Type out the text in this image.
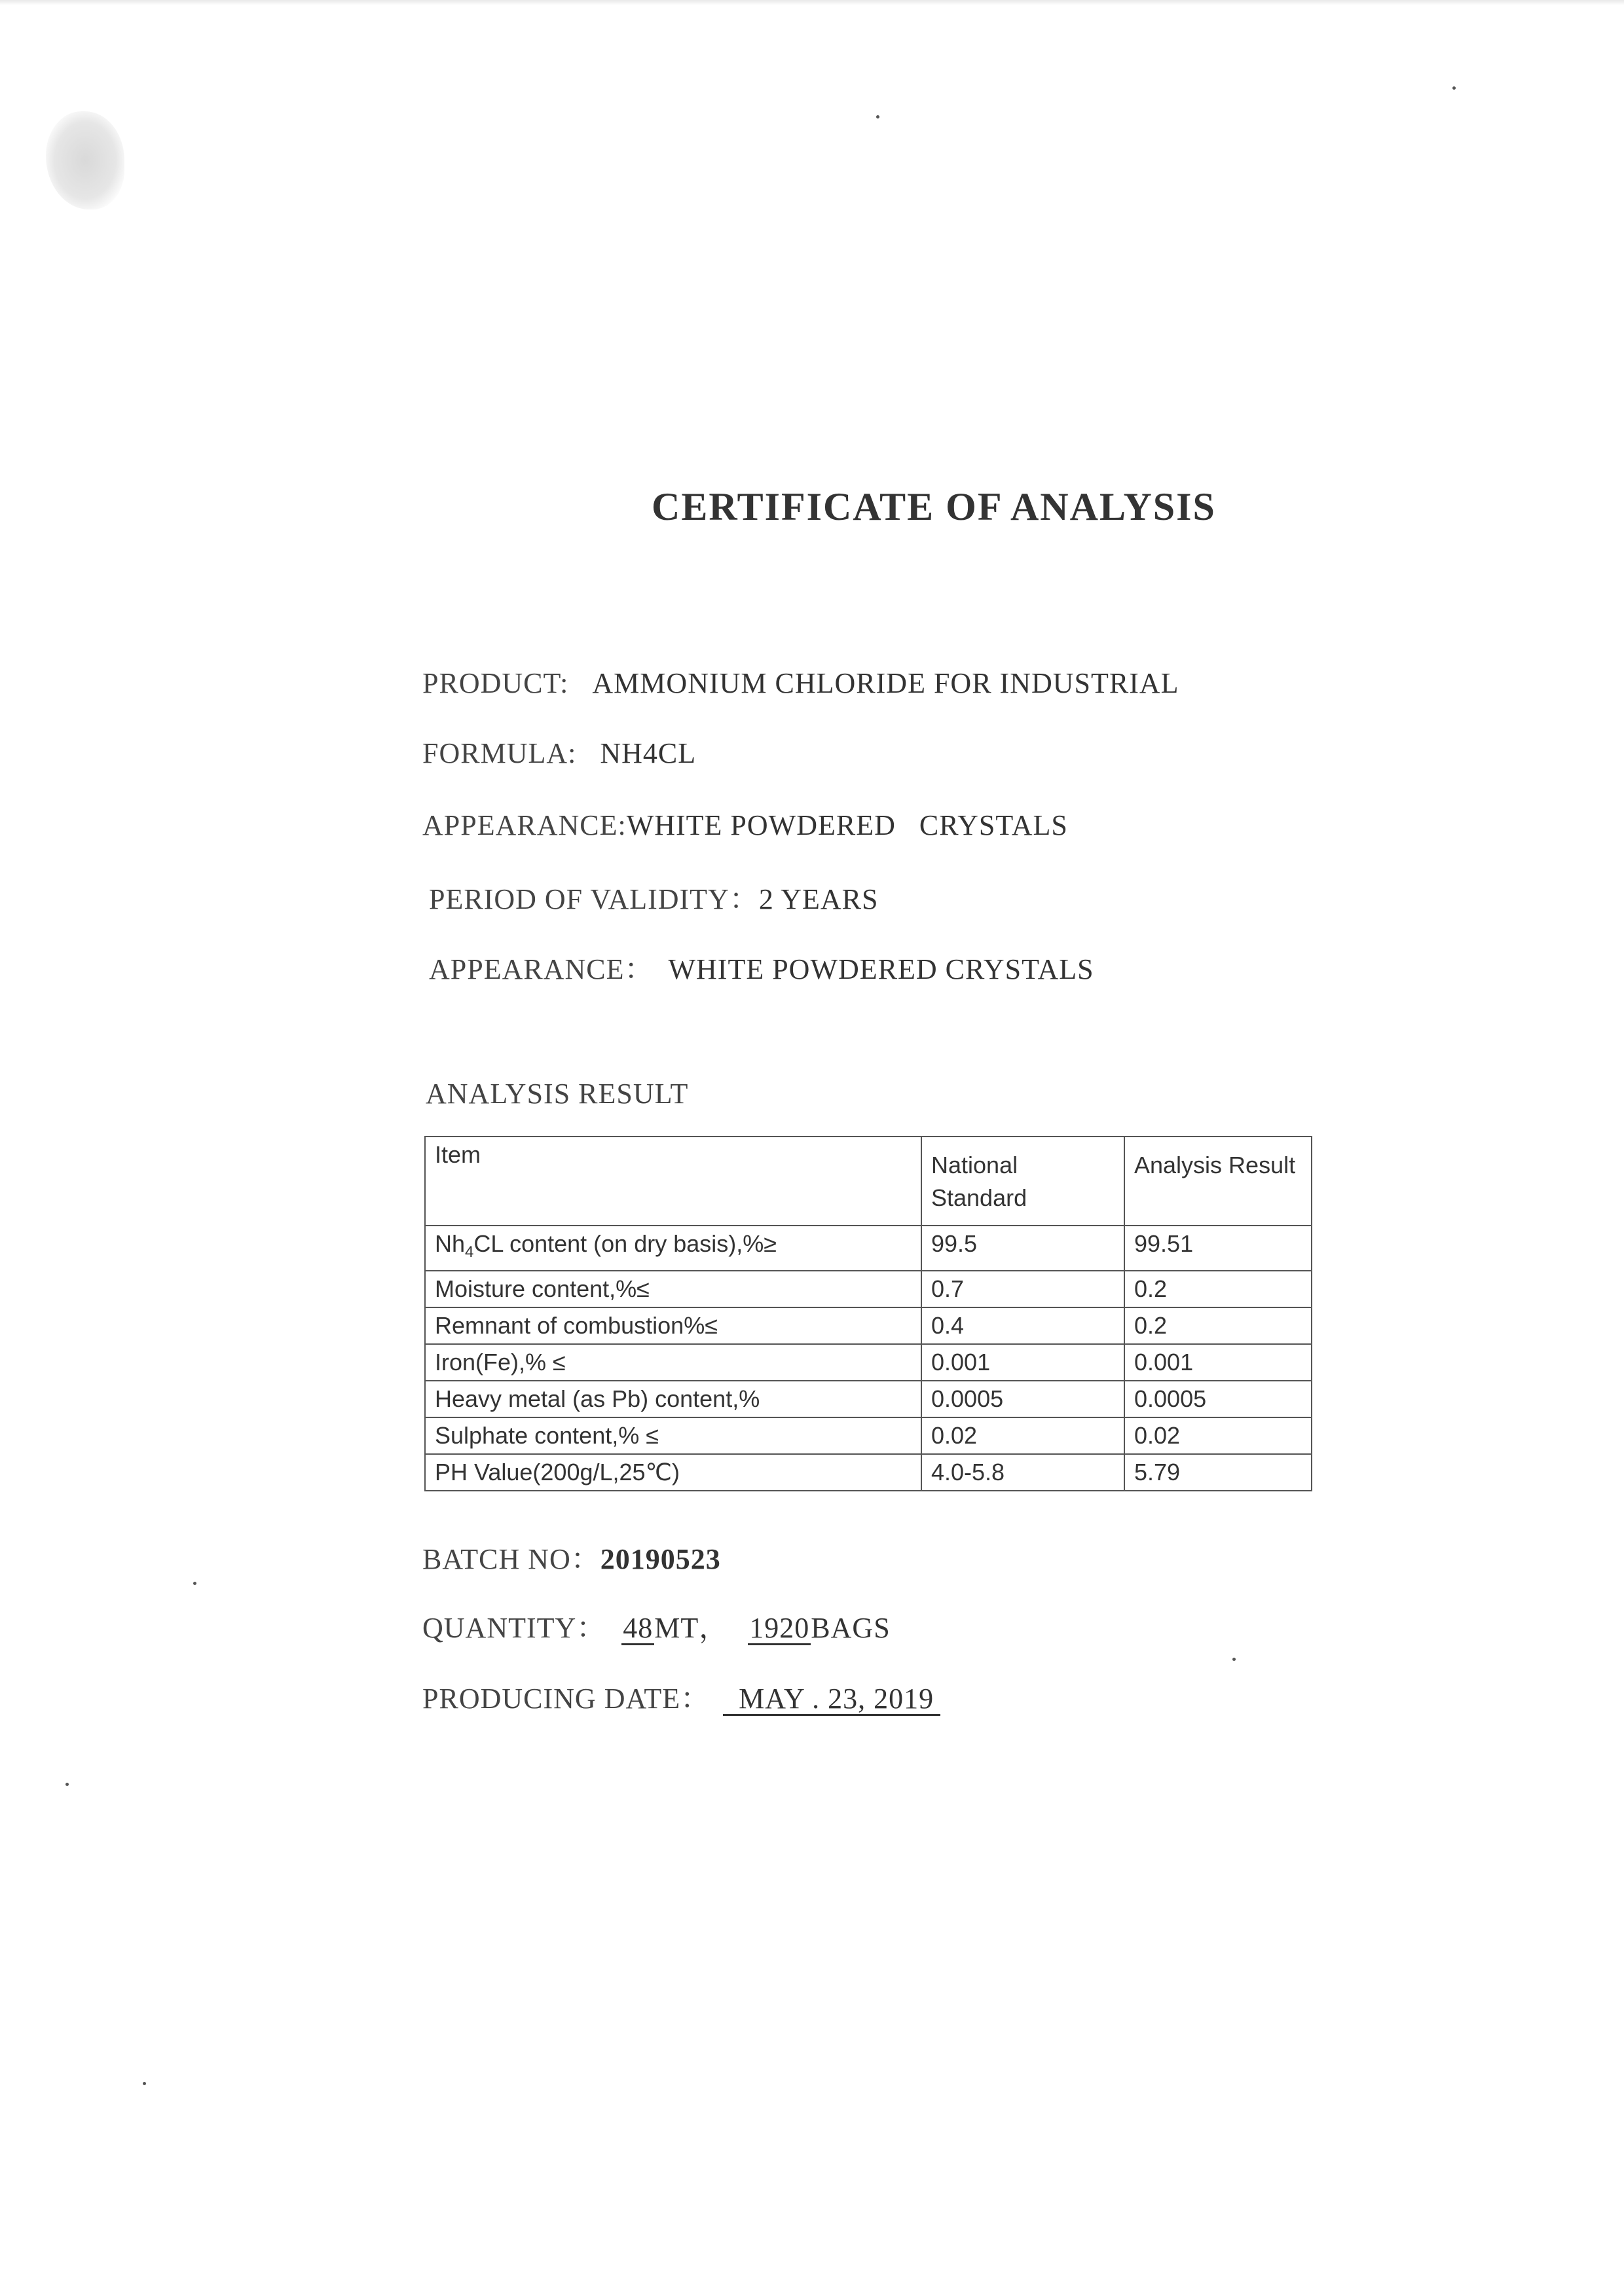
CERTIFICATE OF ANALYSIS
PRODUCT: AMMONIUM CHLORIDE FOR INDUSTRIAL
FORMULA: NH4CL
APPEARANCE:WHITE POWDERED   CRYSTALS
PERIOD OF VALIDITY：2 YEARS
APPEARANCE： WHITE POWDERED CRYSTALS
ANALYSIS RESULT
Item	National Standard	Analysis Result
$Nh_4CL$ content (on dry basis),%≥	99.5	99.51
Moisture content,%≤	0.7	0.2
Remnant of combustion%≤	0.4	0.2
Iron(Fe),% ≤	0.001	0.001
Heavy metal (as Pb) content,%	0.0005	0.0005
Sulphate content,% ≤	0.02	0.02
PH Value(200g/L,25℃)	4.0-5.8	5.79
BATCH NO：20190523
QUANTITY： 48MT， 1920BAGS
PRODUCING DATE： MAY . 23, 2019
